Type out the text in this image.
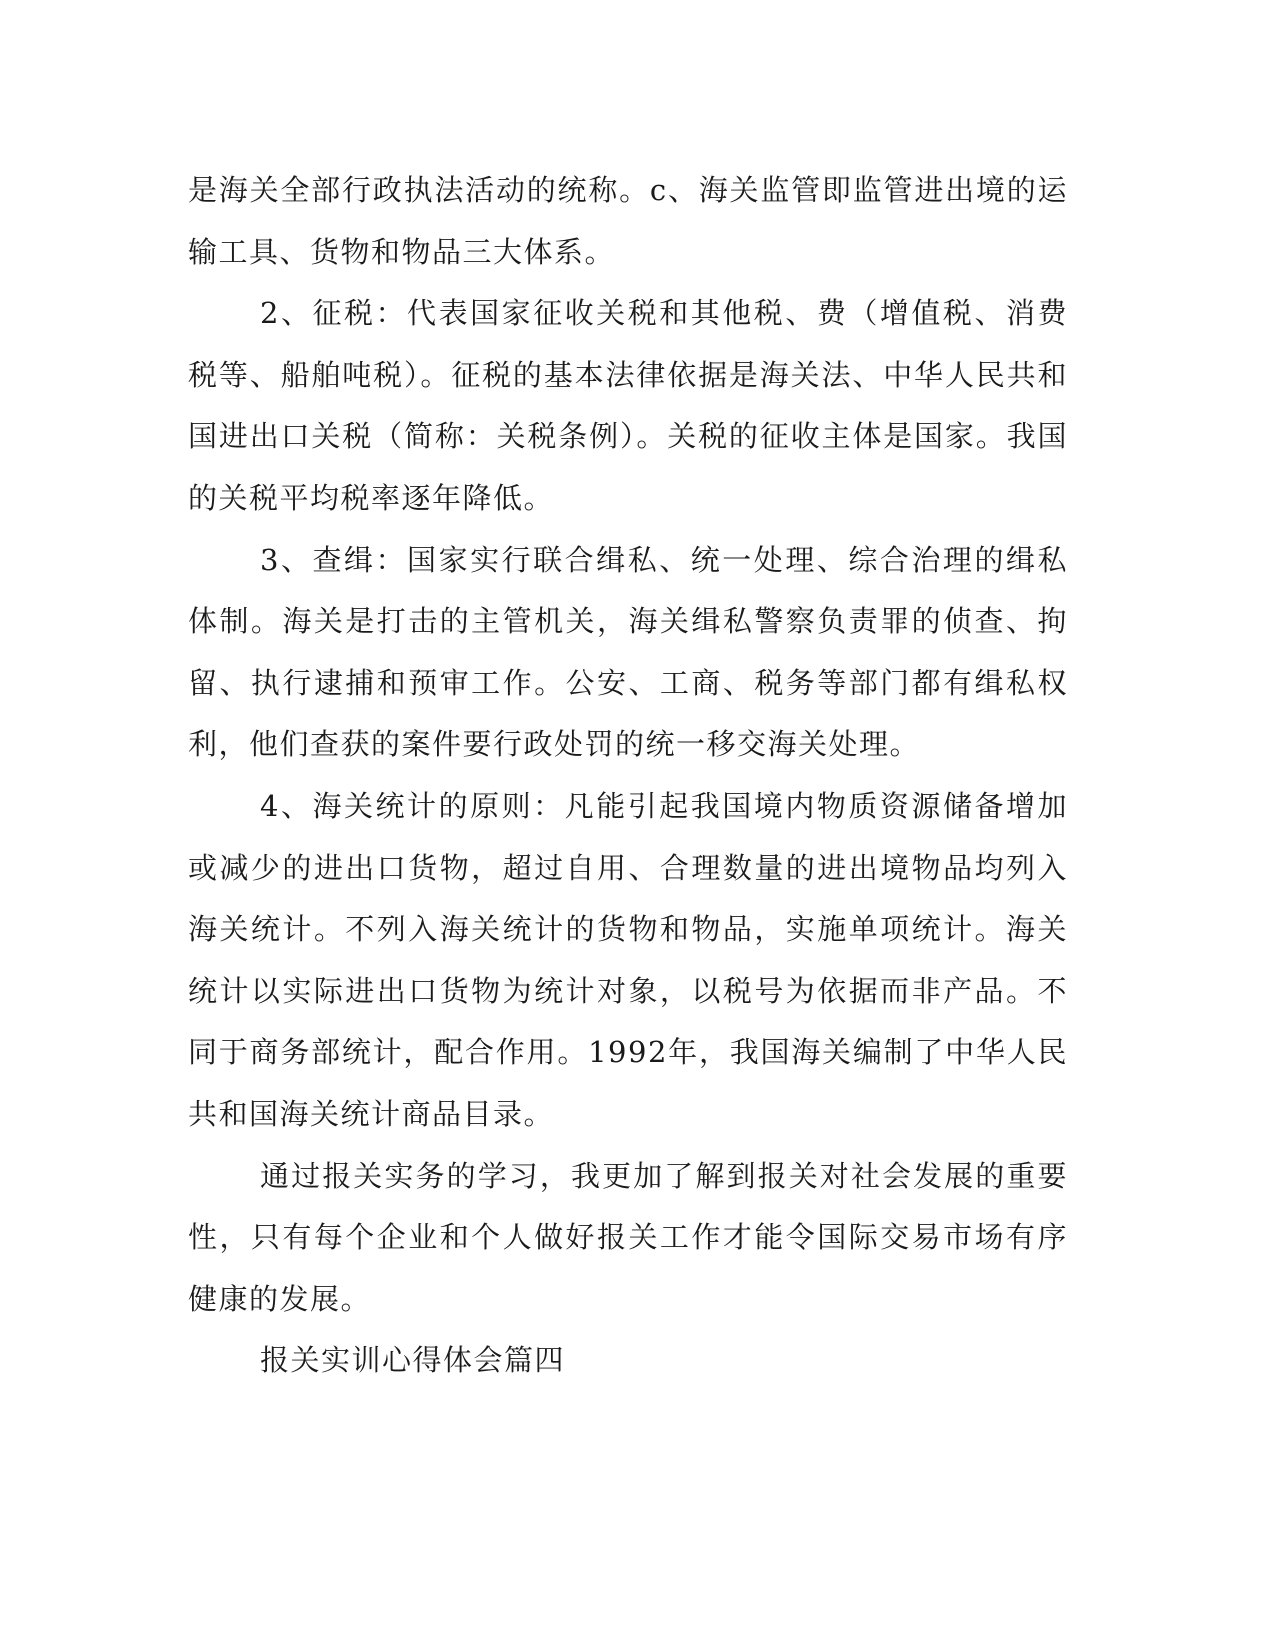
是海关全部行政执法活动的统称。c、海关监管即监管进出境的运输工具、货物和物品三大体系。

2、征税：代表国家征收关税和其他税、费（增值税、消费税等、船舶吨税）。征税的基本法律依据是海关法、中华人民共和国进出口关税（简称：关税条例）。关税的征收主体是国家。我国的关税平均税率逐年降低。

3、查缉：国家实行联合缉私、统一处理、综合治理的缉私体制。海关是打击的主管机关，海关缉私警察负责罪的侦查、拘留、执行逮捕和预审工作。公安、工商、税务等部门都有缉私权利，他们查获的案件要行政处罚的统一移交海关处理。

4、海关统计的原则：凡能引起我国境内物质资源储备增加或减少的进出口货物，超过自用、合理数量的进出境物品均列入海关统计。不列入海关统计的货物和物品，实施单项统计。海关统计以实际进出口货物为统计对象，以税号为依据而非产品。不同于商务部统计，配合作用。1992年，我国海关编制了中华人民共和国海关统计商品目录。

通过报关实务的学习，我更加了解到报关对社会发展的重要性，只有每个企业和个人做好报关工作才能令国际交易市场有序健康的发展。

报关实训心得体会篇四
